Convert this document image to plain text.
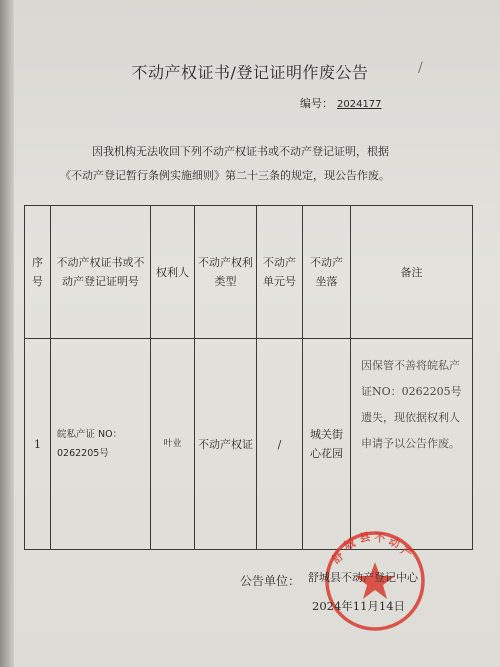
不动产权证书/登记证明作废公告	/
编号： 2024177

因我机构无法收回下列不动产权证书或不动产登记证明，根据

《不动产登记暂行条例实施细则》第二十三条的规定，现公告作废。

序号	不动产权证书或不动产登记证明号	权利人	不动产权利类型	不动产单元号	不动产坐落	备注
1	皖私产证 NO：0262205号	叶业	不动产权证	/	城关街心花园	因保管不善将皖私产证NO：0262205号遗失，现依据权利人申请予以公告作废。
舒
城 县 不 动
产
公告单位： 舒城县不动产登记中心
2024年11月14日
